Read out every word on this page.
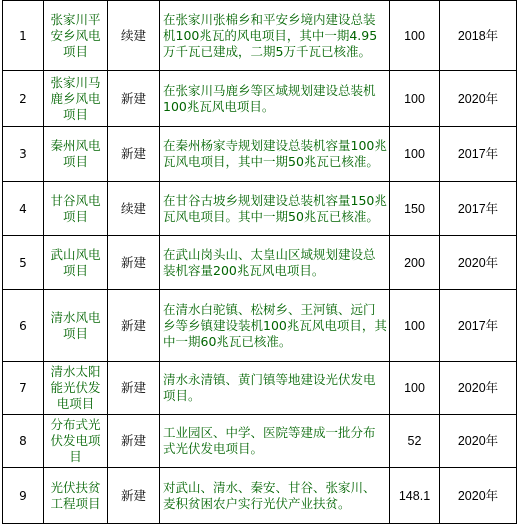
1	张家川平安乡风电项目	续建	在张家川张棉乡和平安乡境内建设总装机100兆瓦的风电项目，其中一期4.95万千瓦已建成，二期5万千瓦已核准。	100	2018年
2	张家川马鹿乡风电项目	新建	在张家川马鹿乡等区域规划建设总装机100兆瓦风电项目。	100	2020年
3	秦州风电项目	新建	在秦州杨家寺规划建设总装机容量100兆瓦风电项目，其中一期50兆瓦已核准。	100	2017年
4	甘谷风电项目	续建	在甘谷古坡乡规划建设总装机容量150兆瓦风电项目。其中一期50兆瓦已核准。	150	2017年
5	武山风电项目	新建	在武山岗头山、太皇山区域规划建设总装机容量200兆瓦风电项目。	200	2020年
6	清水风电项目	新建	在清水白驼镇、松树乡、王河镇、远门乡等乡镇建设装机100兆瓦风电项目，其中一期60兆瓦已核准。	100	2017年
7	清水太阳能光伏发电项目	新建	清水永清镇、黄门镇等地建设光伏发电项目。	100	2020年
8	分布式光伏发电项目	新建	工业园区、中学、医院等建成一批分布式光伏发电项目。	52	2020年
9	光伏扶贫工程项目	新建	对武山、清水、秦安、甘谷、张家川、麦积贫困农户实行光伏产业扶贫。	148.1	2020年
